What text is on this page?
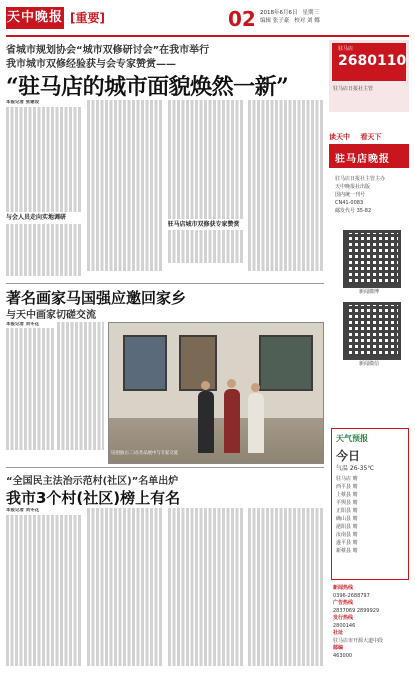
天中晚报 [重要]	02 2018年6月6日 星期三
编辑 张子豪 校对 刘 娜
省城市规划协会“城市双修研讨会”在我市举行
我市城市双修经验获与会专家赞赏——
“驻马店的城市面貌焕然一新”
本报记者 张建设
与会人员走向实地调研
驻马店城市双修获专家赞赏
著名画家马国强应邀回家乡
与天中画家切磋交流
本报记者 刘冬花
马国强(右二)在作品展中与专家交流
“全国民主法治示范村(社区)”名单出炉
我市3个村(社区)榜上有名
本报记者 刘冬花
驻马店
2680110
驻马店日报社主管
读天中 看天下
驻马店晚报
驻马店日报社主管主办
天中晚报社出版
国内统一刊号
CN41-0083
邮发代号 35-82
新闻微博
新闻微信
天气预报
今日
气温 26-35℃
驻马店 晴
西平县 晴
上蔡县 晴
平舆县 晴
正阳县 晴
确山县 晴
泌阳县 晴
汝南县 晴
遂平县 晴
新蔡县 晴
新闻热线
0396-2688797
广告热线
2837069 2899929
发行热线
2800146
社址
驻马店市开源大道中段
邮编
463000
